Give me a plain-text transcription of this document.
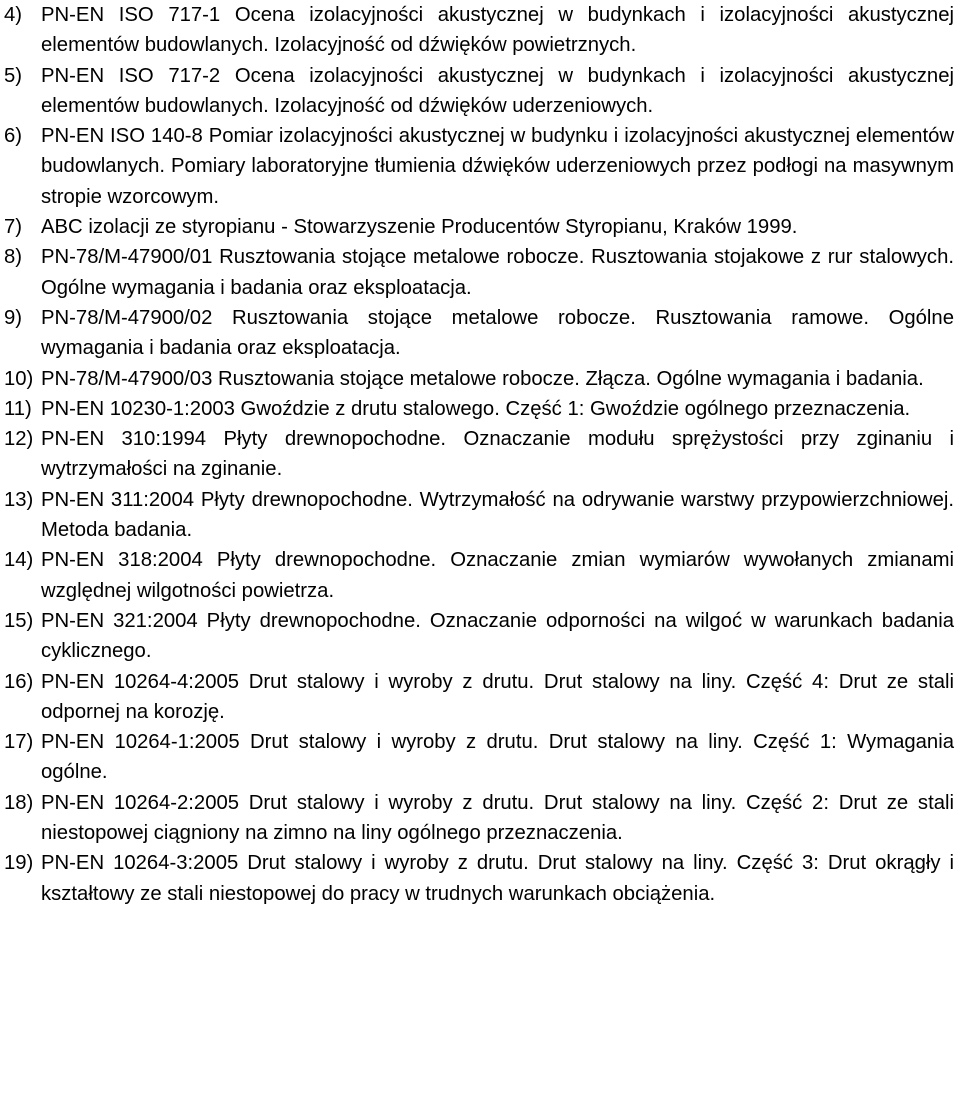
4) PN-EN ISO 717-1 Ocena izolacyjności akustycznej w budynkach i izolacyjności akustycznej elementów budowlanych. Izolacyjność od dźwięków powietrznych.
5) PN-EN ISO 717-2 Ocena izolacyjności akustycznej w budynkach i izolacyjności akustycznej elementów budowlanych. Izolacyjność od dźwięków uderzeniowych.
6) PN-EN ISO 140-8 Pomiar izolacyjności akustycznej w budynku i izolacyjności akustycznej elementów budowlanych. Pomiary laboratoryjne tłumienia dźwięków uderzeniowych przez podłogi na masywnym stropie wzorcowym.
7) ABC izolacji ze styropianu - Stowarzyszenie Producentów Styropianu, Kraków 1999.
8) PN-78/M-47900/01 Rusztowania stojące metalowe robocze. Rusztowania stojakowe z rur stalowych. Ogólne wymagania i badania oraz eksploatacja.
9) PN-78/M-47900/02 Rusztowania stojące metalowe robocze. Rusztowania ramowe. Ogólne wymagania i badania oraz eksploatacja.
10) PN-78/M-47900/03 Rusztowania stojące metalowe robocze. Złącza. Ogólne wymagania i badania.
11) PN-EN 10230-1:2003 Gwoździe z drutu stalowego. Część 1: Gwoździe ogólnego przeznaczenia.
12) PN-EN 310:1994 Płyty drewnopochodne. Oznaczanie modułu sprężystości przy zginaniu i wytrzymałości na zginanie.
13) PN-EN 311:2004 Płyty drewnopochodne. Wytrzymałość na odrywanie warstwy przypowierzchniowej. Metoda badania.
14) PN-EN 318:2004 Płyty drewnopochodne. Oznaczanie zmian wymiarów wywołanych zmianami względnej wilgotności powietrza.
15) PN-EN 321:2004 Płyty drewnopochodne. Oznaczanie odporności na wilgoć w warunkach badania cyklicznego.
16) PN-EN 10264-4:2005 Drut stalowy i wyroby z drutu. Drut stalowy na liny. Część 4: Drut ze stali odpornej na korozję.
17) PN-EN 10264-1:2005 Drut stalowy i wyroby z drutu. Drut stalowy na liny. Część 1: Wymagania ogólne.
18) PN-EN 10264-2:2005 Drut stalowy i wyroby z drutu. Drut stalowy na liny. Część 2: Drut ze stali niestopowej ciągniony na zimno na liny ogólnego przeznaczenia.
19) PN-EN 10264-3:2005 Drut stalowy i wyroby z drutu. Drut stalowy na liny. Część 3: Drut okrągły i kształtowy ze stali niestopowej do pracy w trudnych warunkach obciążenia.
